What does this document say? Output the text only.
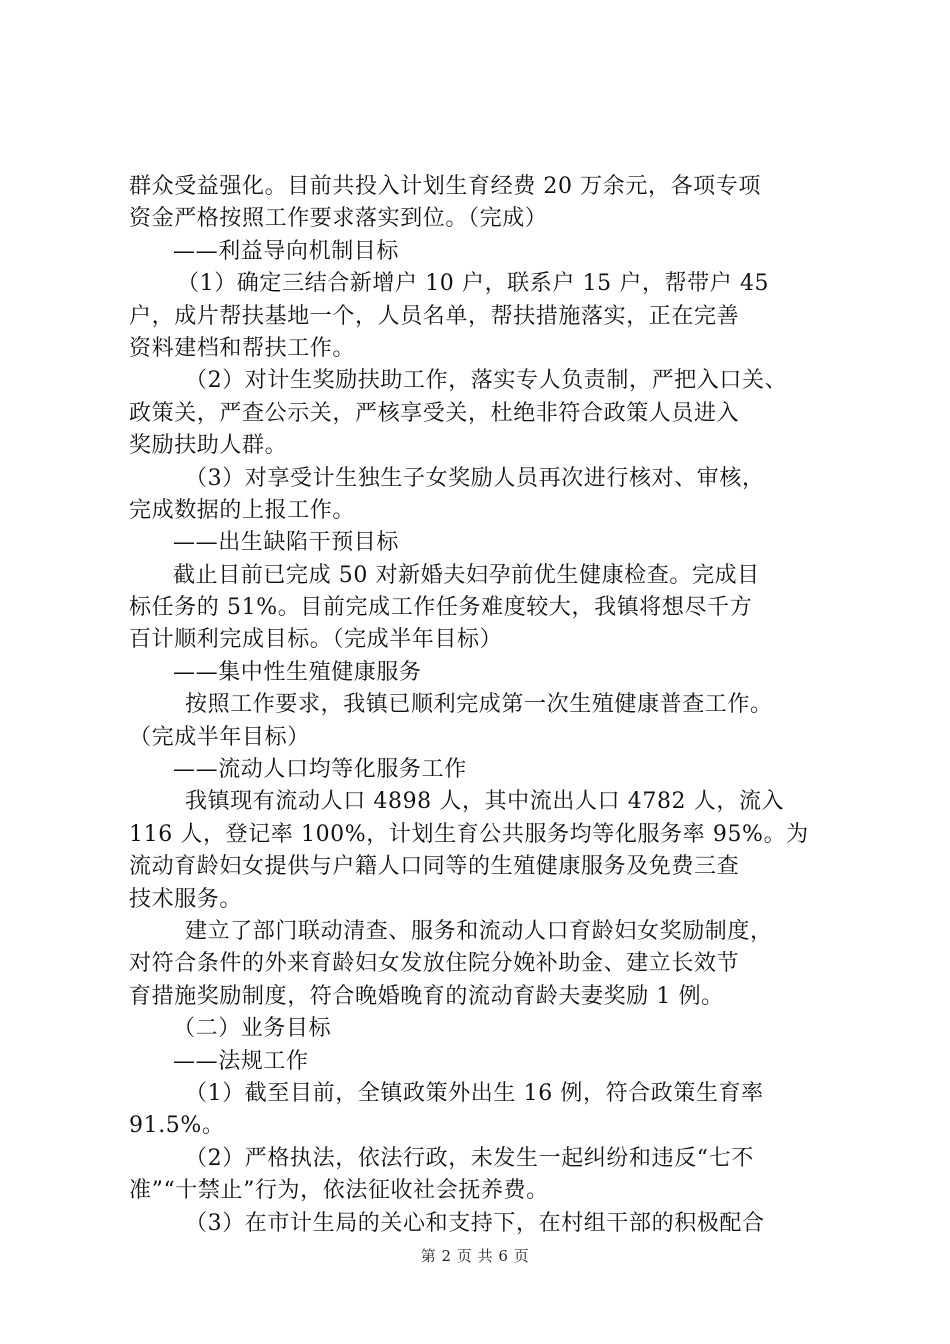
群众受益强化。目前共投入计划生育经费 20 万余元，各项专项
资金严格按照工作要求落实到位。（完成）
——利益导向机制目标
（1）确定三结合新增户 10 户，联系户 15 户，帮带户 45
户，成片帮扶基地一个，人员名单，帮扶措施落实，正在完善
资料建档和帮扶工作。
（2）对计生奖励扶助工作，落实专人负责制，严把入口关、
政策关，严查公示关，严核享受关，杜绝非符合政策人员进入
奖励扶助人群。
（3）对享受计生独生子女奖励人员再次进行核对、审核，
完成数据的上报工作。
——出生缺陷干预目标
截止目前已完成 50 对新婚夫妇孕前优生健康检查。完成目
标任务的 51%。目前完成工作任务难度较大，我镇将想尽千方
百计顺利完成目标。（完成半年目标）
——集中性生殖健康服务
按照工作要求，我镇已顺利完成第一次生殖健康普查工作。
（完成半年目标）
——流动人口均等化服务工作
我镇现有流动人口 4898 人，其中流出人口 4782 人，流入
116 人，登记率 100%，计划生育公共服务均等化服务率 95%。为
流动育龄妇女提供与户籍人口同等的生殖健康服务及免费三查
技术服务。
建立了部门联动清查、服务和流动人口育龄妇女奖励制度，
对符合条件的外来育龄妇女发放住院分娩补助金、建立长效节
育措施奖励制度，符合晚婚晚育的流动育龄夫妻奖励 1 例。
（二）业务目标
——法规工作
（1）截至目前，全镇政策外出生 16 例，符合政策生育率
91.5%。
（2）严格执法，依法行政，未发生一起纠纷和违反“七不
准”“十禁止”行为，依法征收社会抚养费。
（3）在市计生局的关心和支持下，在村组干部的积极配合
第 2 页 共 6 页
